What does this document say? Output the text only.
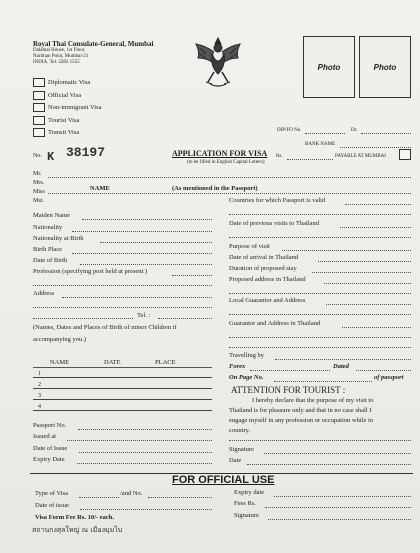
Royal Thai Consulate-General, Mumbai
Dalamal House, 1st Floor,
Nariman Point, Mumbai-21
INDIA. Tel. 2282 1555
Diplomatic Visa
Official Visa
Non-immigrant Visa
Tourist Visa
Transit Visa
Photo	Photo
DIP/FO No.	Dt.
BANK NAME
Rs.	PAYABLE AT MUMBAI
No. K 38197	APPLICATION FOR VISA
(to be filled in English Capital Letters)
Mr.
Mrs.
Miss	NAME	(As mentioned in the Passport)
Mst.
Maiden Name
Nationality
Nationality at Birth
Birth Place
Date of Birth
Profession (specifying post held at present )
Address
Tel. :
(Names, Dates and Places of Birth of minor Children if
accompanying you.)
NAME	DATE	PLACE
1
2
3
4
Passport No.
Issued at
Date of Issue
Expiry Date
Countries for which Passport is valid
Date of previous visits to Thailand
Purpose of visit
Date of arrival in Thailand
Duration of proposed stay
Proposed address in Thailand
Local Guarantor and Address
Guarantor and Address in Thailand
Travelling by
Forex	Dated
On Page No.	of passport
ATTENTION FOR TOURIST :
I hereby declare that the purpose of my visit to
Thailand is for pleasure only and that in no case shall I
engage myself in any profession or occupation while in
country.
Signature
Date
FOR OFFICIAL USE
Type of Visa	/and No.
Date of issue
Expiry date
Fees Rs.
Signature
Visa Form Fee Rs. 10/- each.
สถานกงสุลใหญ่ ณ เมืองมุมไบ
